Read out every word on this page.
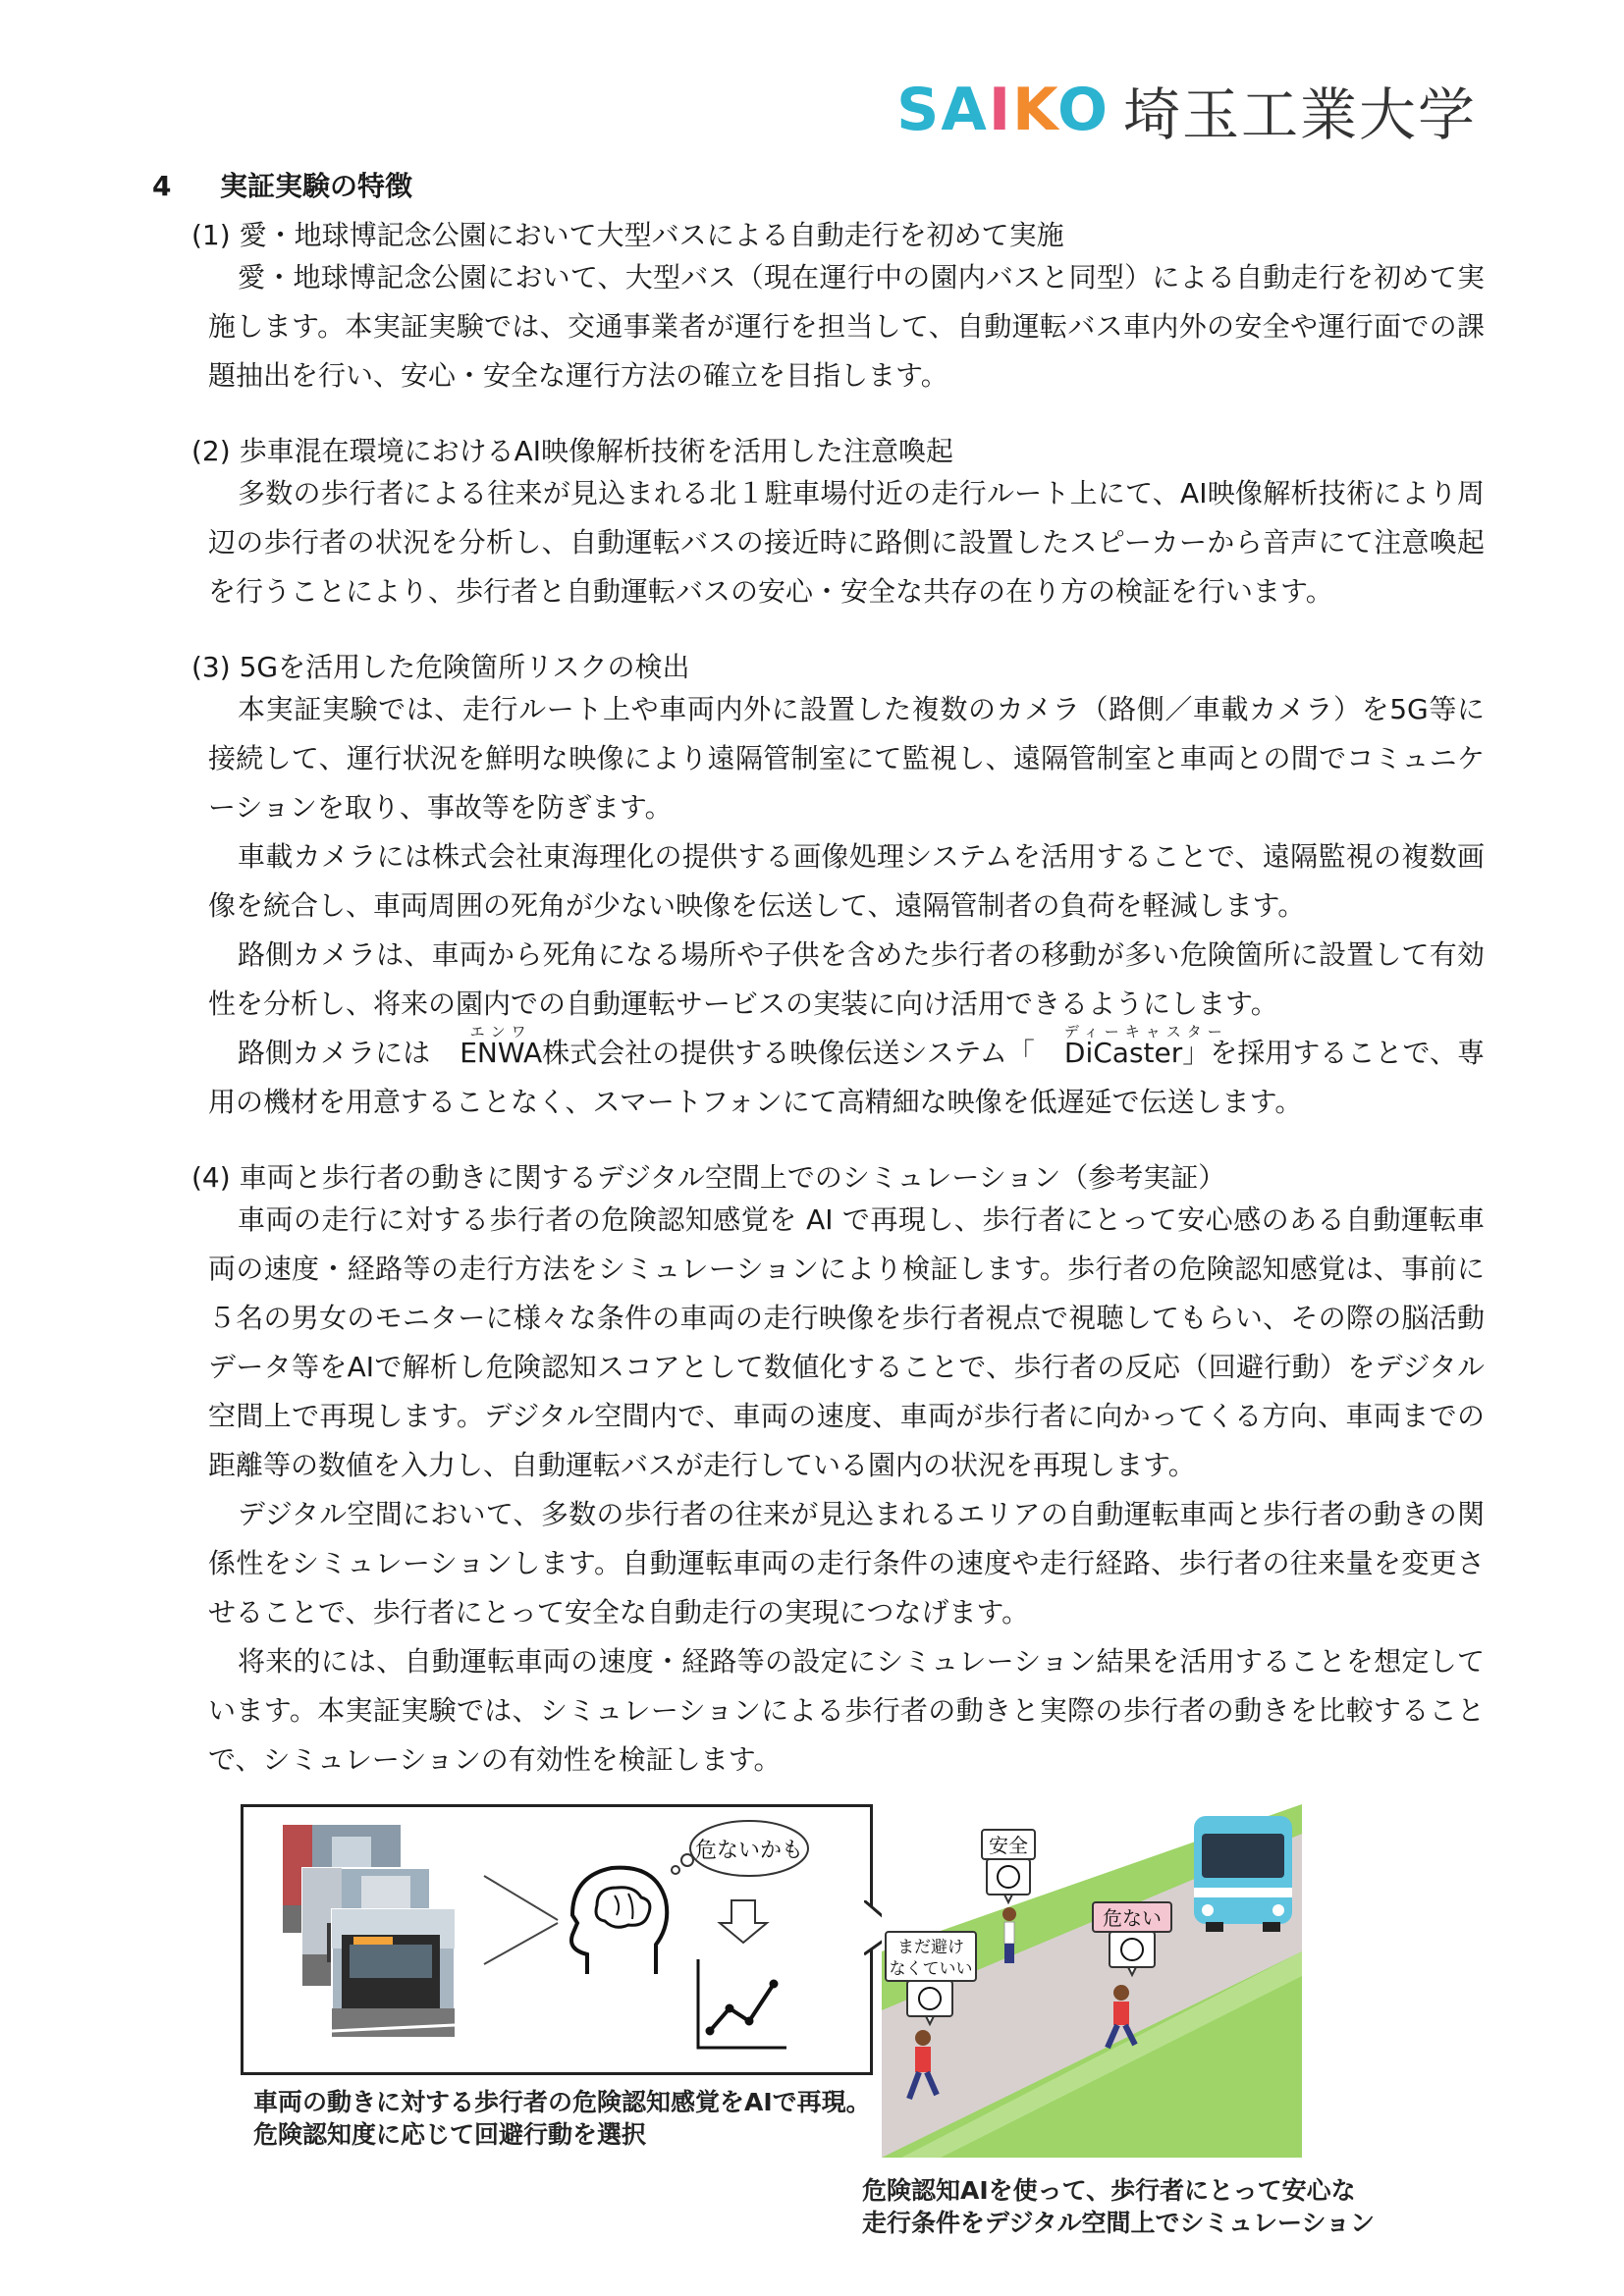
SAIKO 埼玉工業大学
4 実証実験の特徴
(1) 愛・地球博記念公園において大型バスによる自動走行を初めて実施

愛・地球博記念公園において、大型バス（現在運行中の園内バスと同型）による自動走行を初めて実施します。本実証実験では、交通事業者が運行を担当して、自動運転バス車内外の安全や運行面での課題抽出を行い、安心・安全な運行方法の確立を目指します。

(2) 歩車混在環境におけるAI映像解析技術を活用した注意喚起

多数の歩行者による往来が見込まれる北１駐車場付近の走行ルート上にて、AI映像解析技術により周辺の歩行者の状況を分析し、自動運転バスの接近時に路側に設置したスピーカーから音声にて注意喚起を行うことにより、歩行者と自動運転バスの安心・安全な共存の在り方の検証を行います。

(3) 5Gを活用した危険箇所リスクの検出

本実証実験では、走行ルート上や車両内外に設置した複数のカメラ（路側／車載カメラ）を5G等に接続して、運行状況を鮮明な映像により遠隔管制室にて監視し、遠隔管制室と車両との間でコミュニケーションを取り、事故等を防ぎます。

車載カメラには株式会社東海理化の提供する画像処理システムを活用することで、遠隔監視の複数画像を統合し、車両周囲の死角が少ない映像を伝送して、遠隔管制者の負荷を軽減します。

路側カメラは、車両から死角になる場所や子供を含めた歩行者の移動が多い危険箇所に設置して有効性を分析し、将来の園内での自動運転サービスの実装に向け活用できるようにします。

路側カメラには
エンワ
ENWA株式会社の提供する映像伝送システム「
ディーキャスター
DiCaster」を採用することで、専用の機材を用意することなく、スマートフォンにて高精細な映像を低遅延で伝送します。

(4) 車両と歩行者の動きに関するデジタル空間上でのシミュレーション（参考実証）

車両の走行に対する歩行者の危険認知感覚を AI で再現し、歩行者にとって安心感のある自動運転車両の速度・経路等の走行方法をシミュレーションにより検証します。歩行者の危険認知感覚は、事前に５名の男女のモニターに様々な条件の車両の走行映像を歩行者視点で視聴してもらい、その際の脳活動データ等をAIで解析し危険認知スコアとして数値化することで、歩行者の反応（回避行動）をデジタル空間上で再現します。デジタル空間内で、車両の速度、車両が歩行者に向かってくる方向、車両までの距離等の数値を入力し、自動運転バスが走行している園内の状況を再現します。

デジタル空間において、多数の歩行者の往来が見込まれるエリアの自動運転車両と歩行者の動きの関係性をシミュレーションします。自動運転車両の走行条件の速度や走行経路、歩行者の往来量を変更させることで、歩行者にとって安全な自動走行の実現につなげます。

将来的には、自動運転車両の速度・経路等の設定にシミュレーション結果を活用することを想定しています。本実証実験では、シミュレーションによる歩行者の動きと実際の歩行者の動きを比較することで、シミュレーションの有効性を検証します。

危ないかも	安全
危ない
まだ避け
なくていい
車両の動きに対する歩行者の危険認知感覚をAIで再現。
危険認知度に応じて回避行動を選択
危険認知AIを使って、歩行者にとって安心な
走行条件をデジタル空間上でシミュレーション
